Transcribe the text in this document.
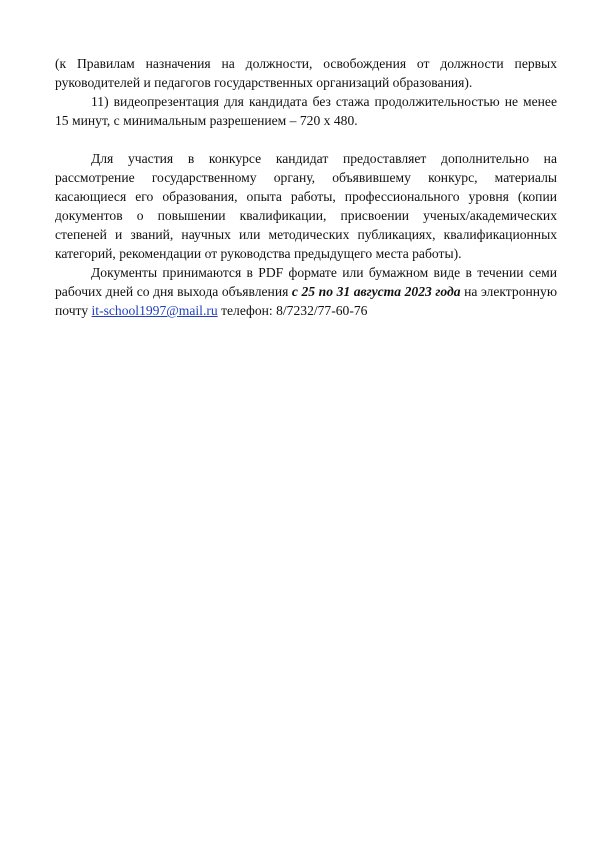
(к Правилам назначения на должности, освобождения от должности первых руководителей и педагогов государственных организаций образования).

11) видеопрезентация для кандидата без стажа продолжительностью не менее 15 минут, с минимальным разрешением – 720 х 480.

Для участия в конкурсе кандидат предоставляет дополнительно на рассмотрение государственному органу, объявившему конкурс, материалы касающиеся его образования, опыта работы, профессионального уровня (копии документов о повышении квалификации, присвоении ученых/академических степеней и званий, научных или методических публикациях, квалификационных категорий, рекомендации от руководства предыдущего места работы).

Документы принимаются в PDF формате или бумажном виде в течении семи рабочих дней со дня выхода объявления с 25 по 31 августа 2023 года на электронную почту it-school1997@mail.ru телефон: 8/7232/77-60-76
